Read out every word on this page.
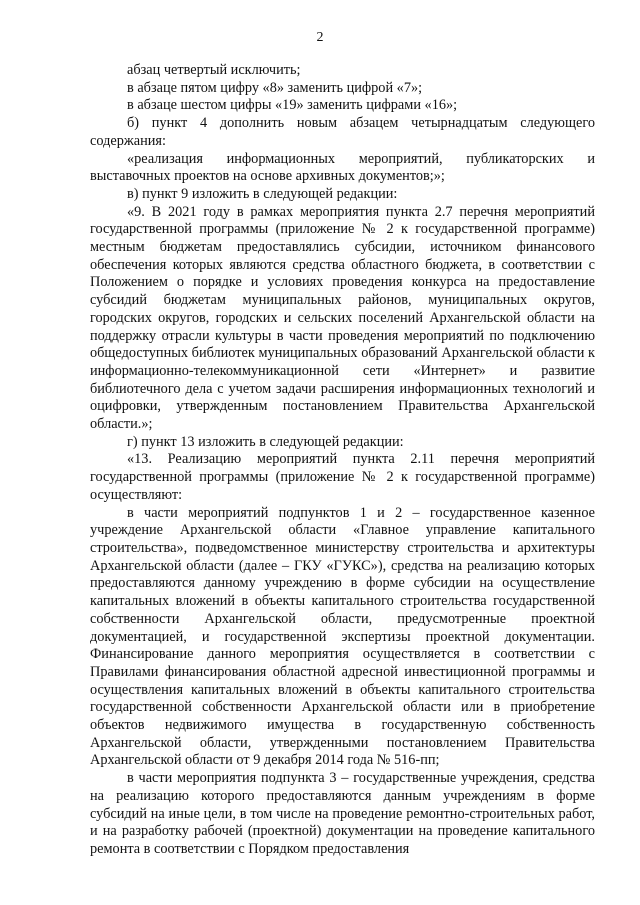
2

абзац четвертый исключить;

в абзаце пятом цифру «8» заменить цифрой «7»;

в абзаце шестом цифры «19» заменить цифрами «16»;

б) пункт 4 дополнить новым абзацем четырнадцатым следующего содержания:

«реализация информационных мероприятий, публикаторских и выставочных проектов на основе архивных документов;»;

в) пункт 9 изложить в следующей редакции:

«9. В 2021 году в рамках мероприятия пункта 2.7 перечня мероприятий государственной программы (приложение № 2 к государственной программе) местным бюджетам предоставлялись субсидии, источником финансового обеспечения которых являются средства областного бюджета, в соответствии с Положением о порядке и условиях проведения конкурса на предоставление субсидий бюджетам муниципальных районов, муниципальных округов, городских округов, городских и сельских поселений Архангельской области на поддержку отрасли культуры в части проведения мероприятий по подключению общедоступных библиотек муниципальных образований Архангельской области к информационно-телекоммуникационной сети «Интернет» и развитие библиотечного дела с учетом задачи расширения информационных технологий и оцифровки, утвержденным постановлением Правительства Архангельской области.»;

г) пункт 13 изложить в следующей редакции:

«13. Реализацию мероприятий пункта 2.11 перечня мероприятий государственной программы (приложение № 2 к государственной программе) осуществляют:

в части мероприятий подпунктов 1 и 2 – государственное казенное учреждение Архангельской области «Главное управление капитального строительства», подведомственное министерству строительства и архитектуры Архангельской области (далее – ГКУ «ГУКС»), средства на реализацию которых предоставляются данному учреждению в форме субсидии на осуществление капитальных вложений в объекты капитального строительства государственной собственности Архангельской области, предусмотренные проектной документацией, и государственной экспертизы проектной документации. Финансирование данного мероприятия осуществляется в соответствии с Правилами финансирования областной адресной инвестиционной программы и осуществления капитальных вложений в объекты капитального строительства государственной собственности Архангельской области или в приобретение объектов недвижимого имущества в государственную собственность Архангельской области, утвержденными постановлением Правительства Архангельской области от 9 декабря 2014 года № 516-пп;

в части мероприятия подпункта 3 – государственные учреждения, средства на реализацию которого предоставляются данным учреждениям в форме субсидий на иные цели, в том числе на проведение ремонтно-строительных работ, и на разработку рабочей (проектной) документации на проведение капитального ремонта в соответствии с Порядком предоставления
